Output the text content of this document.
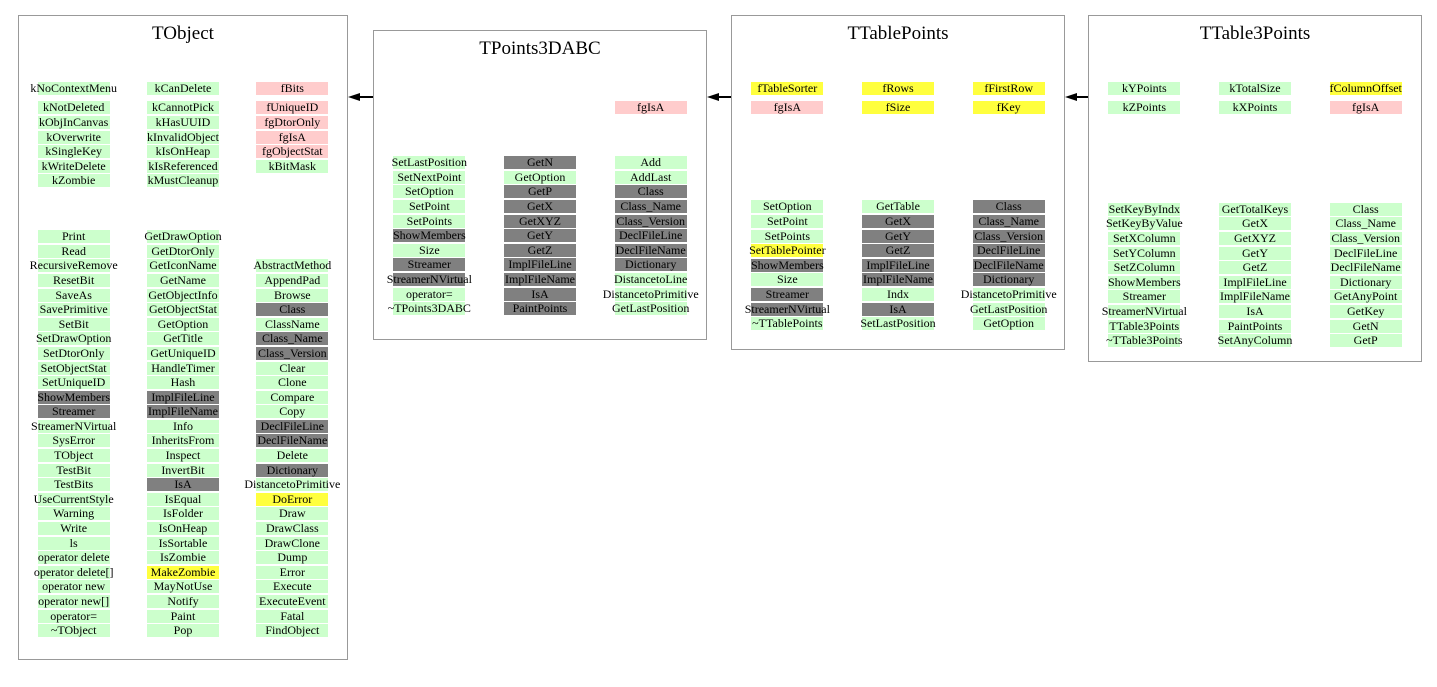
TObject
kNoContextMenu
kNotDeleted
kObjInCanvas
kOverwrite
kSingleKey
kWriteDelete
kZombie
kCanDelete
kCannotPick
kHasUUID
kInvalidObject
kIsOnHeap
kIsReferenced
kMustCleanup
fBits
fUniqueID
fgDtorOnly
fgIsA
fgObjectStat
kBitMask
Print
Read
RecursiveRemove
ResetBit
SaveAs
SavePrimitive
SetBit
SetDrawOption
SetDtorOnly
SetObjectStat
SetUniqueID
ShowMembers
Streamer
StreamerNVirtual
SysError
TObject
TestBit
TestBits
UseCurrentStyle
Warning
Write
ls
operator delete
operator delete[]
operator new
operator new[]
operator=
~TObject
GetDrawOption
GetDtorOnly
GetIconName
GetName
GetObjectInfo
GetObjectStat
GetOption
GetTitle
GetUniqueID
HandleTimer
Hash
ImplFileLine
ImplFileName
Info
InheritsFrom
Inspect
InvertBit
IsA
IsEqual
IsFolder
IsOnHeap
IsSortable
IsZombie
MakeZombie
MayNotUse
Notify
Paint
Pop
AbstractMethod
AppendPad
Browse
Class
ClassName
Class_Name
Class_Version
Clear
Clone
Compare
Copy
DeclFileLine
DeclFileName
Delete
Dictionary
DistancetoPrimitive
DoError
Draw
DrawClass
DrawClone
Dump
Error
Execute
ExecuteEvent
Fatal
FindObject
TPoints3DABC
fgIsA
SetLastPosition
SetNextPoint
SetOption
SetPoint
SetPoints
ShowMembers
Size
Streamer
StreamerNVirtual
operator=
~TPoints3DABC
GetN
GetOption
GetP
GetX
GetXYZ
GetY
GetZ
ImplFileLine
ImplFileName
IsA
PaintPoints
Add
AddLast
Class
Class_Name
Class_Version
DeclFileLine
DeclFileName
Dictionary
DistancetoLine
DistancetoPrimitive
GetLastPosition
TTablePoints
fTableSorter
fgIsA
fRows
fSize
fFirstRow
fKey
SetOption
SetPoint
SetPoints
SetTablePointer
ShowMembers
Size
Streamer
StreamerNVirtual
~TTablePoints
GetTable
GetX
GetY
GetZ
ImplFileLine
ImplFileName
Indx
IsA
SetLastPosition
Class
Class_Name
Class_Version
DeclFileLine
DeclFileName
Dictionary
DistancetoPrimitive
GetLastPosition
GetOption
TTable3Points
kYPoints
kZPoints
kTotalSize
kXPoints
fColumnOffset
fgIsA
SetKeyByIndx
SetKeyByValue
SetXColumn
SetYColumn
SetZColumn
ShowMembers
Streamer
StreamerNVirtual
TTable3Points
~TTable3Points
GetTotalKeys
GetX
GetXYZ
GetY
GetZ
ImplFileLine
ImplFileName
IsA
PaintPoints
SetAnyColumn
Class
Class_Name
Class_Version
DeclFileLine
DeclFileName
Dictionary
GetAnyPoint
GetKey
GetN
GetP
